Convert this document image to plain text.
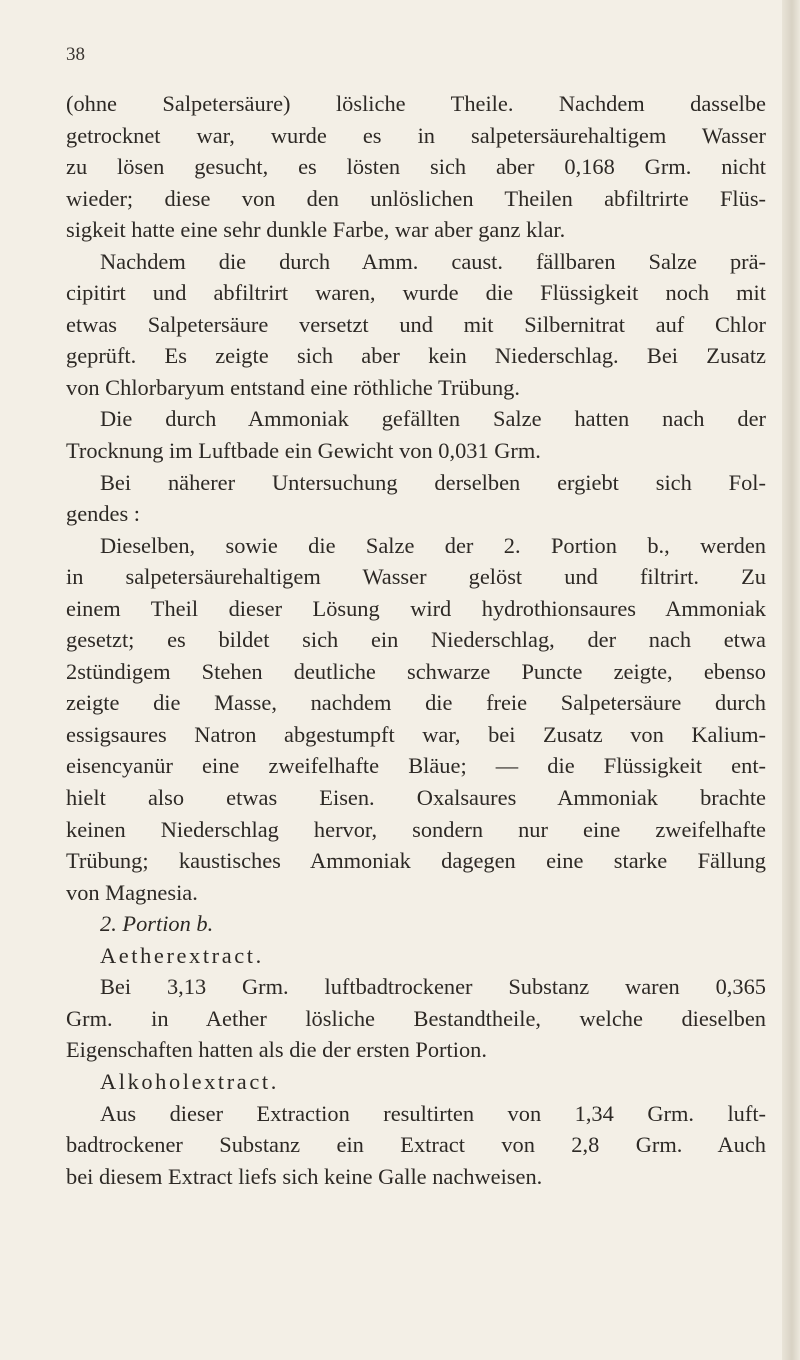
38
(ohne Salpetersäure) lösliche Theile. Nachdem dasselbe
getrocknet war, wurde es in salpetersäurehaltigem Wasser
zu lösen gesucht, es lösten sich aber 0,168 Grm. nicht
wieder; diese von den unlöslichen Theilen abfiltrirte Flüs-
sigkeit hatte eine sehr dunkle Farbe, war aber ganz klar.
Nachdem die durch Amm. caust. fällbaren Salze prä-
cipitirt und abfiltrirt waren, wurde die Flüssigkeit noch mit
etwas Salpetersäure versetzt und mit Silbernitrat auf Chlor
geprüft. Es zeigte sich aber kein Niederschlag. Bei Zusatz
von Chlorbaryum entstand eine röthliche Trübung.
Die durch Ammoniak gefällten Salze hatten nach der
Trocknung im Luftbade ein Gewicht von 0,031 Grm.
Bei näherer Untersuchung derselben ergiebt sich Fol-
gendes :
Dieselben, sowie die Salze der 2. Portion b., werden
in salpetersäurehaltigem Wasser gelöst und filtrirt. Zu
einem Theil dieser Lösung wird hydrothionsaures Ammoniak
gesetzt; es bildet sich ein Niederschlag, der nach etwa
2stündigem Stehen deutliche schwarze Puncte zeigte, ebenso
zeigte die Masse, nachdem die freie Salpetersäure durch
essigsaures Natron abgestumpft war, bei Zusatz von Kalium-
eisencyanür eine zweifelhafte Bläue; — die Flüssigkeit ent-
hielt also etwas Eisen. Oxalsaures Ammoniak brachte
keinen Niederschlag hervor, sondern nur eine zweifelhafte
Trübung; kaustisches Ammoniak dagegen eine starke Fällung
von Magnesia.
2. Portion b.
Aetherextract.
Bei 3,13 Grm. luftbadtrockener Substanz waren 0,365
Grm. in Aether lösliche Bestandtheile, welche dieselben
Eigenschaften hatten als die der ersten Portion.
Alkoholextract.
Aus dieser Extraction resultirten von 1,34 Grm. luft-
badtrockener Substanz ein Extract von 2,8 Grm. Auch
bei diesem Extract liefs sich keine Galle nachweisen.
